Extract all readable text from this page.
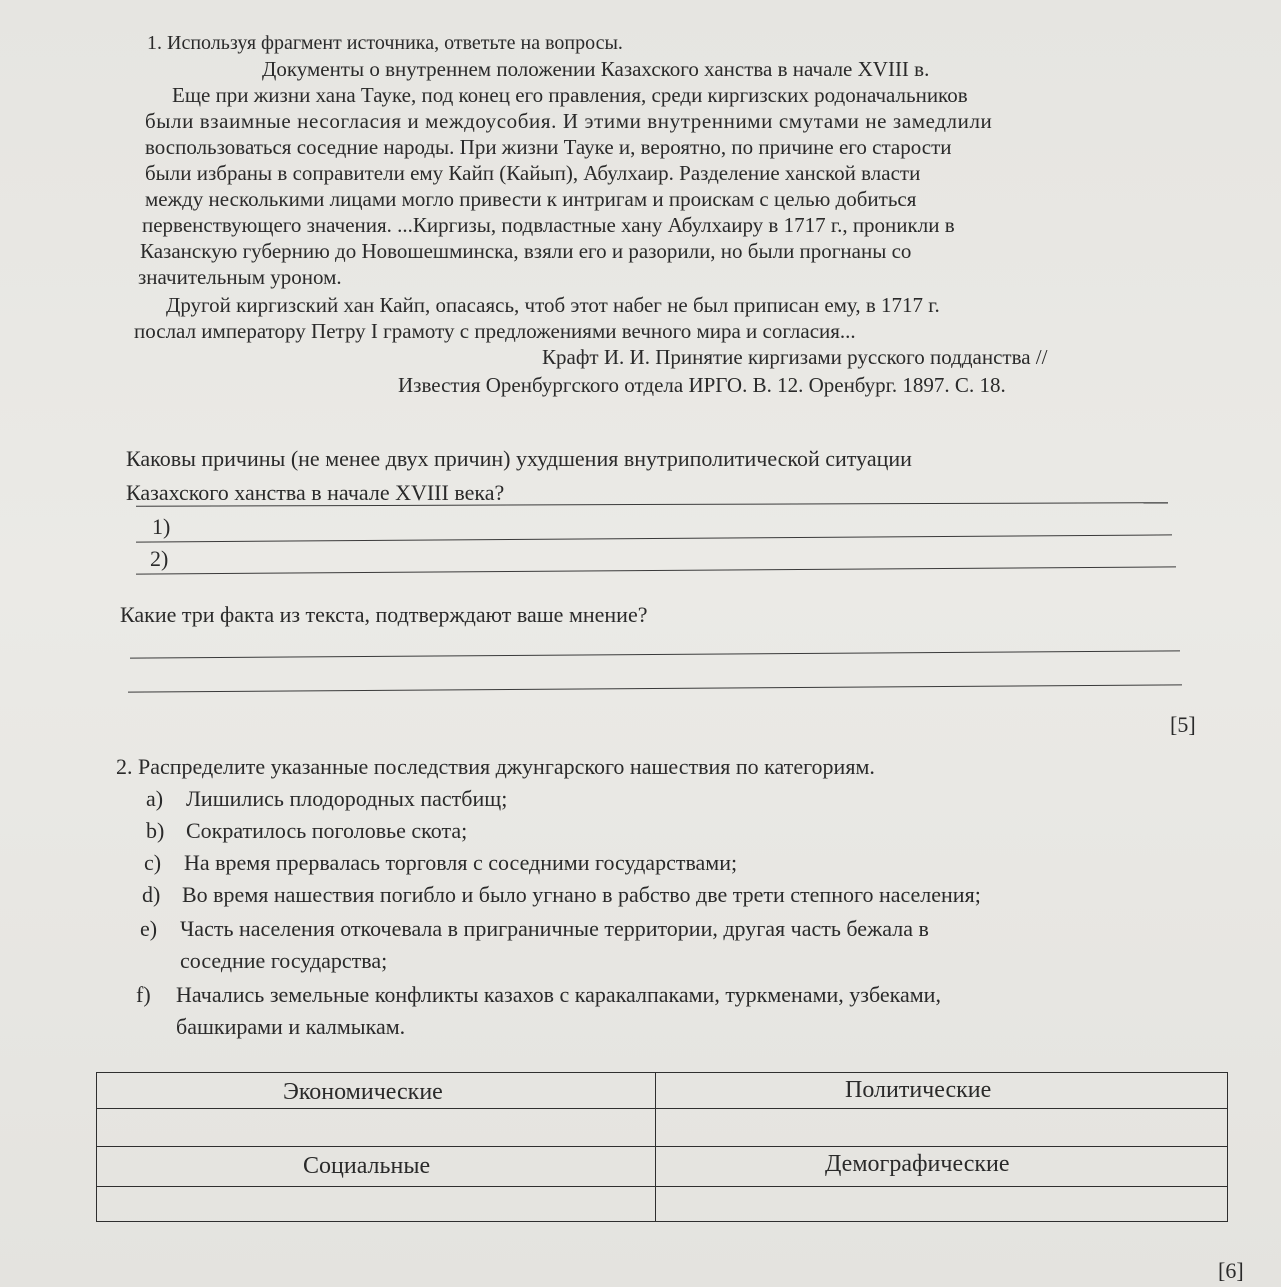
1. Используя фрагмент источника, ответьте на вопросы.
Документы о внутреннем положении Казахского ханства в начале XVIII в.
Еще при жизни хана Тауке, под конец его правления, среди киргизских родоначальников
были взаимные несогласия и междоусобия. И этими внутренними смутами не замедлили
воспользоваться соседние народы. При жизни Тауке и, вероятно, по причине его старости
были избраны в соправители ему Кайп (Кайып), Абулхаир. Разделение ханской власти
между несколькими лицами могло привести к интригам и проискам с целью добиться
первенствующего значения. ...Киргизы, подвластные хану Абулхаиру в 1717 г., проникли в
Казанскую губернию до Новошешминска, взяли его и разорили, но были прогнаны со
значительным уроном.
Другой киргизский хан Кайп, опасаясь, чтоб этот набег не был приписан ему, в 1717 г.
послал императору Петру I грамоту с предложениями вечного мира и согласия...
Крафт И. И. Принятие киргизами русского подданства //
Известия Оренбургского отдела ИРГО. В. 12. Оренбург. 1897. С. 18.
Каковы причины (не менее двух причин) ухудшения внутриполитической ситуации
Казахского ханства в начале XVIII века?
1)
2)
Какие три факта из текста, подтверждают ваше мнение?
[5]
2. Распределите указанные последствия джунгарского нашествия по категориям.
a) Лишились плодородных пастбищ;
b) Сократилось поголовье скота;
c) На время прервалась торговля с соседними государствами;
d) Во время нашествия погибло и было угнано в рабство две трети степного населения;
e) Часть населения откочевала в приграничные территории, другая часть бежала в
соседние государства;
f) Начались земельные конфликты казахов с каракалпаками, туркменами, узбеками,
башкирами и калмыкам.
Экономические	Политические
Социальные	Демографические
[6]
